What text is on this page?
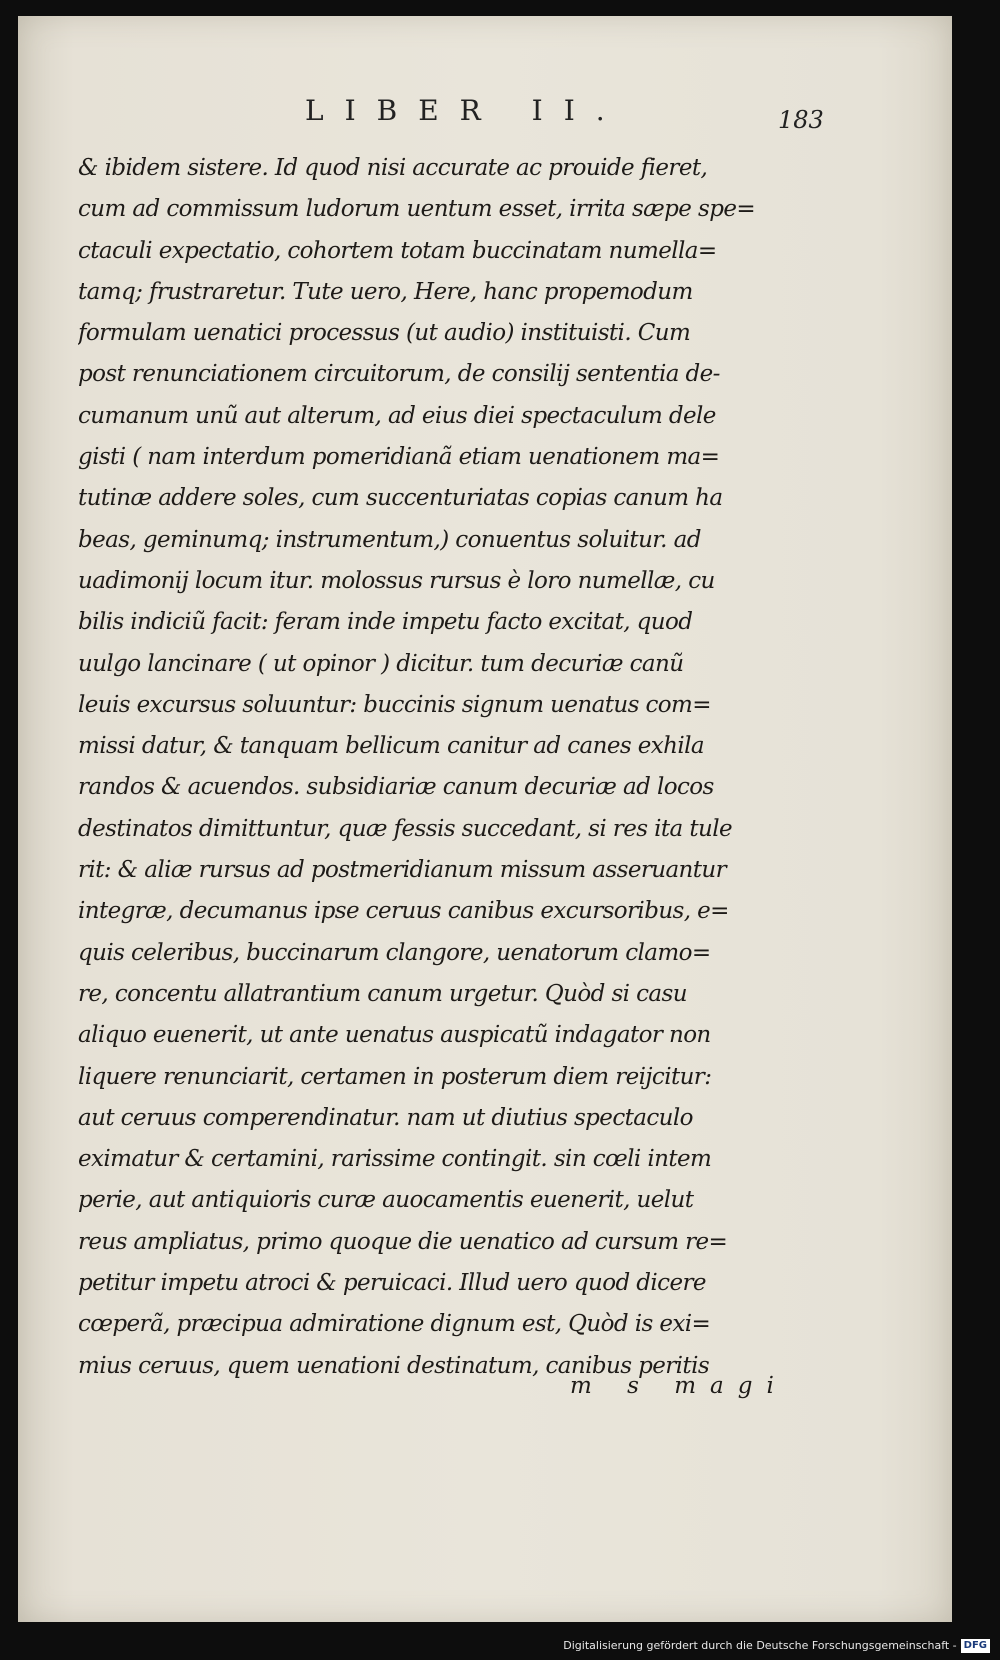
LIBER II.	183
& ibidem sistere. Id quod nisi accurate ac prouide fieret,
cum ad commissum ludorum uentum esset, irrita sæpe spe=
ctaculi expectatio, cohortem totam buccinatam numella=
tamq; frustraretur. Tute uero, Here, hanc propemodum
formulam uenatici processus (ut audio) instituisti. Cum
post renunciationem circuitorum, de consilij sententia de-
cumanum unũ aut alterum, ad eius diei spectaculum dele
gisti ( nam interdum pomeridianã etiam uenationem ma=
tutinæ addere soles, cum succenturiatas copias canum ha
beas, geminumq; instrumentum,) conuentus soluitur. ad
uadimonij locum itur. molossus rursus è loro numellæ, cu
bilis indiciũ facit: feram inde impetu facto excitat, quod
uulgo lancinare ( ut opinor ) dicitur. tum decuriæ canũ
leuis excursus soluuntur: buccinis signum uenatus com=
missi datur, & tanquam bellicum canitur ad canes exhila
randos & acuendos. subsidiariæ canum decuriæ ad locos
destinatos dimittuntur, quæ fessis succedant, si res ita tule
rit: & aliæ rursus ad postmeridianum missum asseruantur
integræ, decumanus ipse ceruus canibus excursoribus, e=
quis celeribus, buccinarum clangore, uenatorum clamo=
re, concentu allatrantium canum urgetur. Quòd si casu
aliquo euenerit, ut ante uenatus auspicatũ indagator non
liquere renunciarit, certamen in posterum diem reijcitur:
aut ceruus comperendinatur. nam ut diutius spectaculo
eximatur & certamini, rarissime contingit. sin cœli intem
perie, aut antiquioris curæ auocamentis euenerit, uelut
reus ampliatus, primo quoque die uenatico ad cursum re=
petitur impetu atroci & peruicaci. Illud uero quod dicere
cœperã, præcipua admiratione dignum est, Quòd is exi=
mius ceruus, quem uenationi destinatum, canibus peritis
m s magi
Digitalisierung gefördert durch die Deutsche Forschungsgemeinschaft - DFG
